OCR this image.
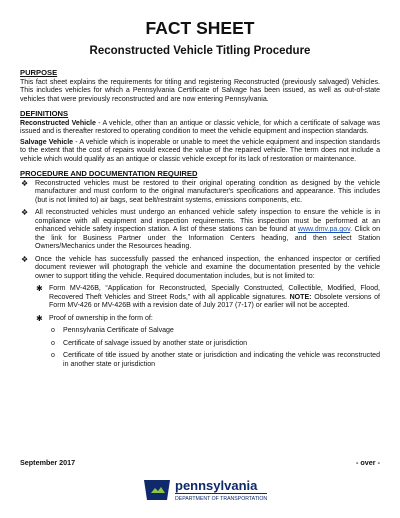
FACT SHEET
Reconstructed Vehicle Titling Procedure
PURPOSE
This fact sheet explains the requirements for titling and registering Reconstructed (previously salvaged) Vehicles. This includes vehicles for which a Pennsylvania Certificate of Salvage has been issued, as well as out-of-state vehicles that were previously reconstructed and are now entering Pennsylvania.
DEFINITIONS
Reconstructed Vehicle - A vehicle, other than an antique or classic vehicle, for which a certificate of salvage was issued and is thereafter restored to operating condition to meet the vehicle equipment and inspection standards.
Salvage Vehicle - A vehicle which is inoperable or unable to meet the vehicle equipment and inspection standards to the extent that the cost of repairs would exceed the value of the repaired vehicle. The term does not include a vehicle which would qualify as an antique or classic vehicle except for its lack of restoration or maintenance.
PROCEDURE AND DOCUMENTATION REQUIRED
❖ Reconstructed vehicles must be restored to their original operating condition as designed by the vehicle manufacturer and must conform to the original manufacturer's specifications and appearance. This includes (but is not limited to) air bags, seat belt/restraint systems, emissions components, etc.
❖ All reconstructed vehicles must undergo an enhanced vehicle safety inspection to ensure the vehicle is in compliance with all equipment and inspection requirements. This inspection must be performed at an enhanced vehicle safety inspection station. A list of these stations can be found at www.dmv.pa.gov. Click on the link for Business Partner under the Information Centers heading, and then select Station Owners/Mechanics under the Resources heading.
❖ Once the vehicle has successfully passed the enhanced inspection, the enhanced inspector or certified document reviewer will photograph the vehicle and examine the documentation presented by the vehicle owner to support titling the vehicle. Required documentation includes, but is not limited to:
✱ Form MV-426B, “Application for Reconstructed, Specially Constructed, Collectible, Modified, Flood, Recovered Theft Vehicles and Street Rods,” with all applicable signatures. NOTE: Obsolete versions of Form MV-426 or MV-426B with a revision date of July 2017 (7-17) or earlier will not be accepted.
✱ Proof of ownership in the form of:
o Pennsylvania Certificate of Salvage
o Certificate of salvage issued by another state or jurisdiction
o Certificate of title issued by another state or jurisdiction and indicating the vehicle was reconstructed in another state or jurisdiction
September 2017	- over -
pennsylvania
DEPARTMENT OF TRANSPORTATION
